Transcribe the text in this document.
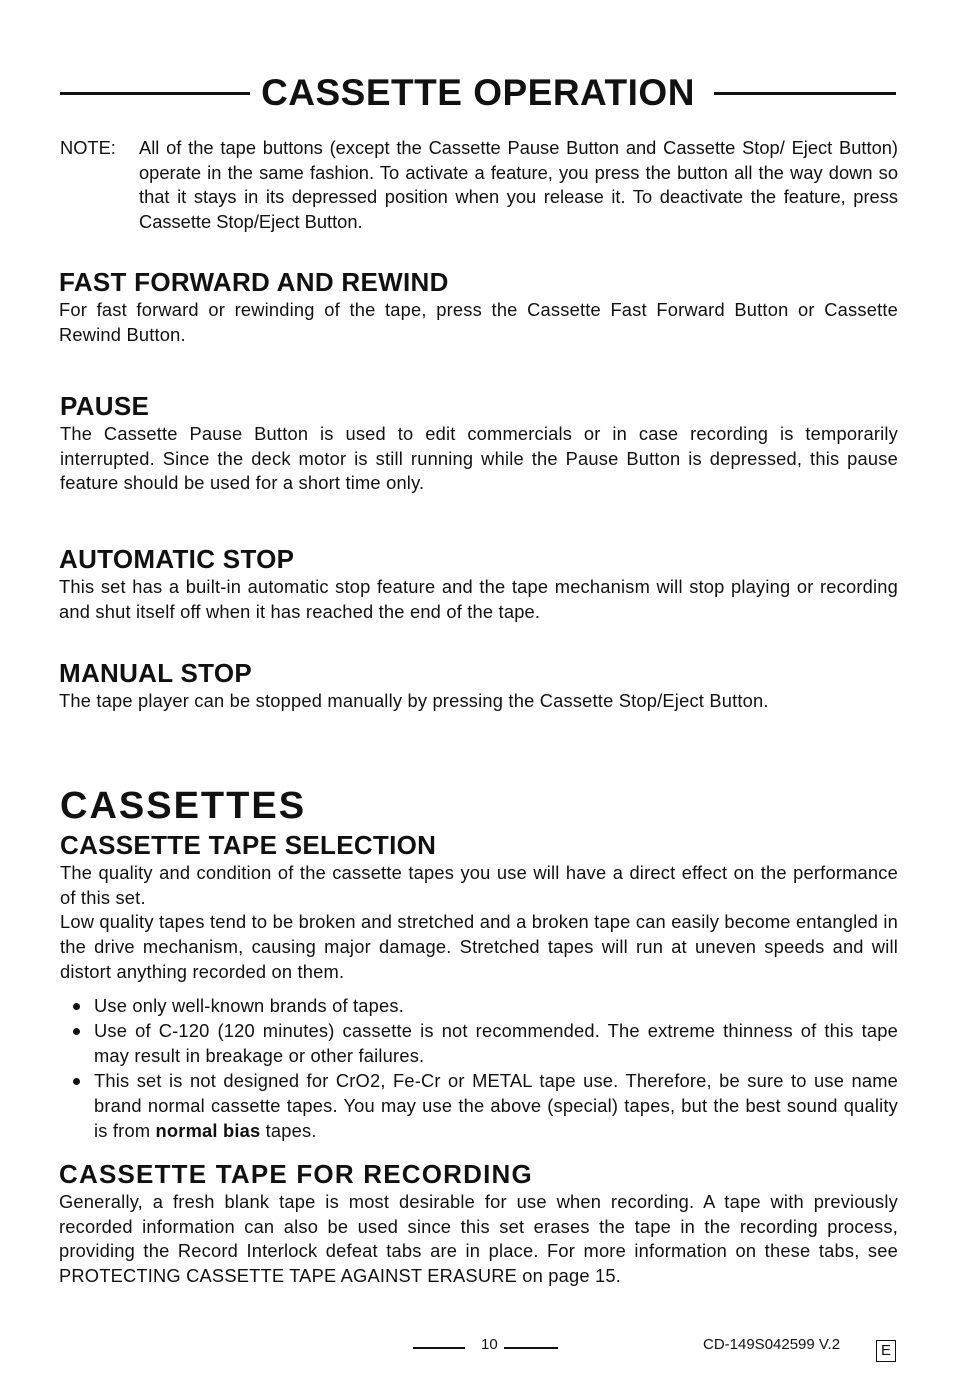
CASSETTE OPERATION
NOTE: All of the tape buttons (except the Cassette Pause Button and Cassette Stop/ Eject Button) operate in the same fashion. To activate a feature, you press the button all the way down so that it stays in its depressed position when you release it. To deactivate the feature, press Cassette Stop/Eject Button.

FAST FORWARD AND REWIND

For fast forward or rewinding of the tape, press the Cassette Fast Forward Button or Cassette Rewind Button.

PAUSE

The Cassette Pause Button is used to edit commercials or in case recording is temporarily interrupted. Since the deck motor is still running while the Pause Button is depressed, this pause feature should be used for a short time only.

AUTOMATIC STOP

This set has a built-in automatic stop feature and the tape mechanism will stop playing or recording and shut itself off when it has reached the end of the tape.

MANUAL STOP

The tape player can be stopped manually by pressing the Cassette Stop/Eject Button.

CASSETTES
CASSETTE TAPE SELECTION

The quality and condition of the cassette tapes you use will have a direct effect on the performance of this set.

Low quality tapes tend to be broken and stretched and a broken tape can easily become entangled in the drive mechanism, causing major damage. Stretched tapes will run at uneven speeds and will distort anything recorded on them.

Use only well-known brands of tapes.
Use of C-120 (120 minutes) cassette is not recommended. The extreme thinness of this tape may result in breakage or other failures.
This set is not designed for CrO2, Fe-Cr or METAL tape use. Therefore, be sure to use name brand normal cassette tapes. You may use the above (special) tapes, but the best sound quality is from normal bias tapes.
CASSETTE TAPE FOR RECORDING

Generally, a fresh blank tape is most desirable for use when recording. A tape with previously recorded information can also be used since this set erases the tape in the recording process, providing the Record Interlock defeat tabs are in place. For more information on these tabs, see PROTECTING CASSETTE TAPE AGAINST ERASURE on page 15.

10	CD-149S042599 V.2	E
